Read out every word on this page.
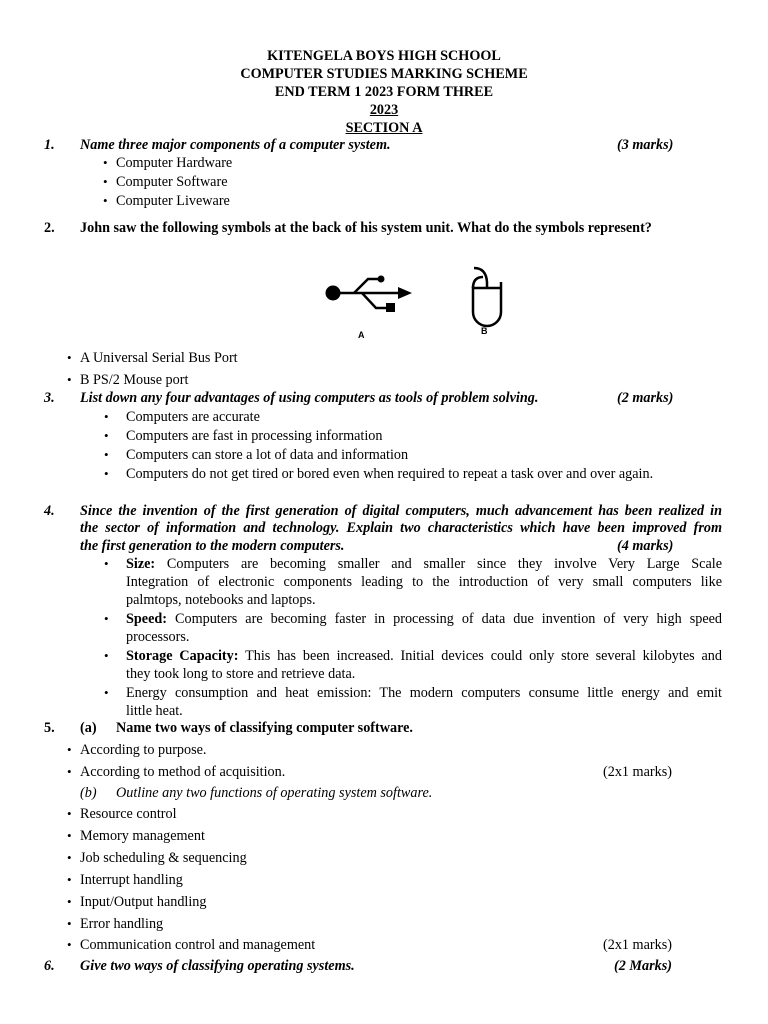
KITENGELA BOYS HIGH SCHOOL
COMPUTER STUDIES MARKING SCHEME
END TERM 1 2023 FORM THREE
2023
SECTION A
1. Name three major components of a computer system.	(3 marks)
• Computer Hardware
• Computer Software
• Computer Liveware
2. John saw the following symbols at the back of his system unit. What do the symbols represent?
A	B
• A Universal Serial Bus Port
• B PS/2 Mouse port
3. List down any four advantages of using computers as tools of problem solving.	(2 marks)
• Computers are accurate
• Computers are fast in processing information
• Computers can store a lot of data and information
• Computers do not get tired or bored even when required to repeat a task over and over again.
4. Since the invention of the first generation of digital computers, much advancement has been realized in
the sector of information and technology. Explain two characteristics which have been improved from
the first generation to the modern computers.	(4 marks)
• Size: Computers are becoming smaller and smaller since they involve Very Large Scale
Integration of electronic components leading to the introduction of very small computers like
palmtops, notebooks and laptops.
• Speed: Computers are becoming faster in processing of data due invention of very high speed
processors.
• Storage Capacity: This has been increased. Initial devices could only store several kilobytes and
they took long to store and retrieve data.
• Energy consumption and heat emission: The modern computers consume little energy and emit
little heat.
5. (a) Name two ways of classifying computer software.
• According to purpose.
• According to method of acquisition.	(2x1 marks)
(b) Outline any two functions of operating system software.
• Resource control
• Memory management
• Job scheduling & sequencing
• Interrupt handling
• Input/Output handling
• Error handling
• Communication control and management	(2x1 marks)
6. Give two ways of classifying operating systems.	(2 Marks)
